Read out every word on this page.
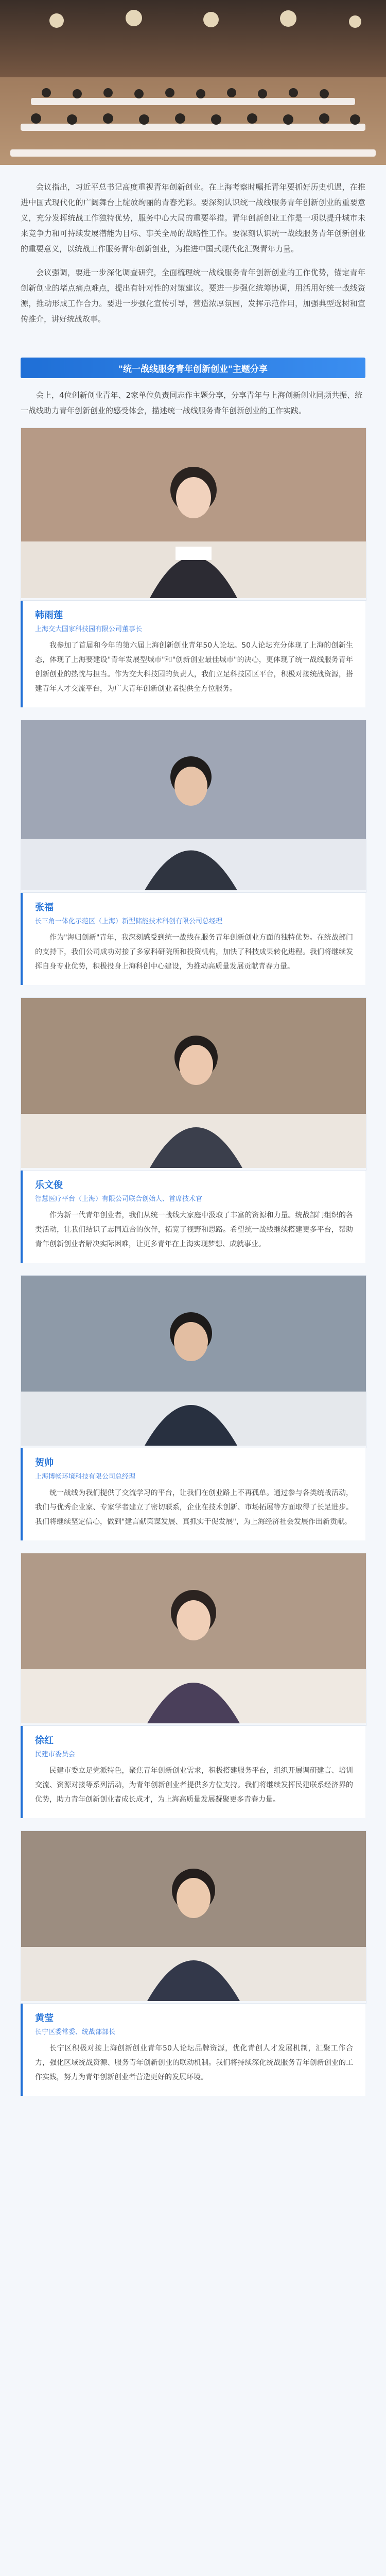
会议指出，习近平总书记高度重视青年创新创业。在上海考察时嘱托青年要抓好历史机遇，在推进中国式现代化的广阔舞台上绽放绚丽的青春光彩。要深刻认识统一战线服务青年创新创业的重要意义，充分发挥统战工作独特优势，服务中心大局的重要举措。青年创新创业工作是一项以提升城市未来竞争力和可持续发展潜能为目标、事关全局的战略性工作。要深刻认识统一战线服务青年创新创业的重要意义，以统战工作服务青年创新创业，为推进中国式现代化汇聚青年力量。

会议强调，要进一步深化调查研究，全面梳理统一战线服务青年创新创业的工作优势，锚定青年创新创业的堵点痛点难点，提出有针对性的对策建议。要进一步强化统筹协调，用活用好统一战线资源，推动形成工作合力。要进一步强化宣传引导，营造浓厚氛围，发挥示范作用，加强典型选树和宣传推介，讲好统战故事。

"统一战线服务青年创新创业"主题分享
会上，4位创新创业青年、2家单位负责同志作主题分享，分享青年与上海创新创业同频共振、统一战线助力青年创新创业的感受体会，描述统一战线服务青年创新创业的工作实践。
韩雨莲
上海交大国家科技园有限公司董事长
我参加了首届和今年的第六届上海创新创业青年50人论坛。50人论坛充分体现了上海的创新生态，体现了上海要建设"青年发展型城市"和"创新创业最佳城市"的决心，更体现了统一战线服务青年创新创业的热忱与担当。作为交大科技园的负责人，我们立足科技园区平台，积极对接统战资源，搭建青年人才交流平台，为广大青年创新创业者提供全方位服务。
张福
长三角一体化示范区（上海）新型储能技术科创有限公司总经理
作为"海归创新"青年，我深刻感受到统一战线在服务青年创新创业方面的独特优势。在统战部门的支持下，我们公司成功对接了多家科研院所和投资机构，加快了科技成果转化进程。我们将继续发挥自身专业优势，积极投身上海科创中心建设，为推动高质量发展贡献青春力量。
乐文俊
智慧医疗平台（上海）有限公司联合创始人、首席技术官
作为新一代青年创业者，我们从统一战线大家庭中汲取了丰富的资源和力量。统战部门组织的各类活动，让我们结识了志同道合的伙伴，拓宽了视野和思路。希望统一战线继续搭建更多平台，帮助青年创新创业者解决实际困难，让更多青年在上海实现梦想、成就事业。
贺帅
上海博畅环境科技有限公司总经理
统一战线为我们提供了交流学习的平台，让我们在创业路上不再孤单。通过参与各类统战活动，我们与优秀企业家、专家学者建立了密切联系，企业在技术创新、市场拓展等方面取得了长足进步。我们将继续坚定信心，做到"建言献策谋发展、真抓实干促发展"，为上海经济社会发展作出新贡献。
徐红
民建市委员会
民建市委立足党派特色，聚焦青年创新创业需求，积极搭建服务平台，组织开展调研建言、培训交流、资源对接等系列活动，为青年创新创业者提供多方位支持。我们将继续发挥民建联系经济界的优势，助力青年创新创业者成长成才，为上海高质量发展凝聚更多青春力量。
黄莹
长宁区委常委、统战部部长
长宁区积极对接上海创新创业青年50人论坛品牌资源，优化青创人才发展机制，汇聚工作合力，强化区域统战资源、服务青年创新创业的联动机制。我们将持续深化统战服务青年创新创业的工作实践，努力为青年创新创业者营造更好的发展环境。
